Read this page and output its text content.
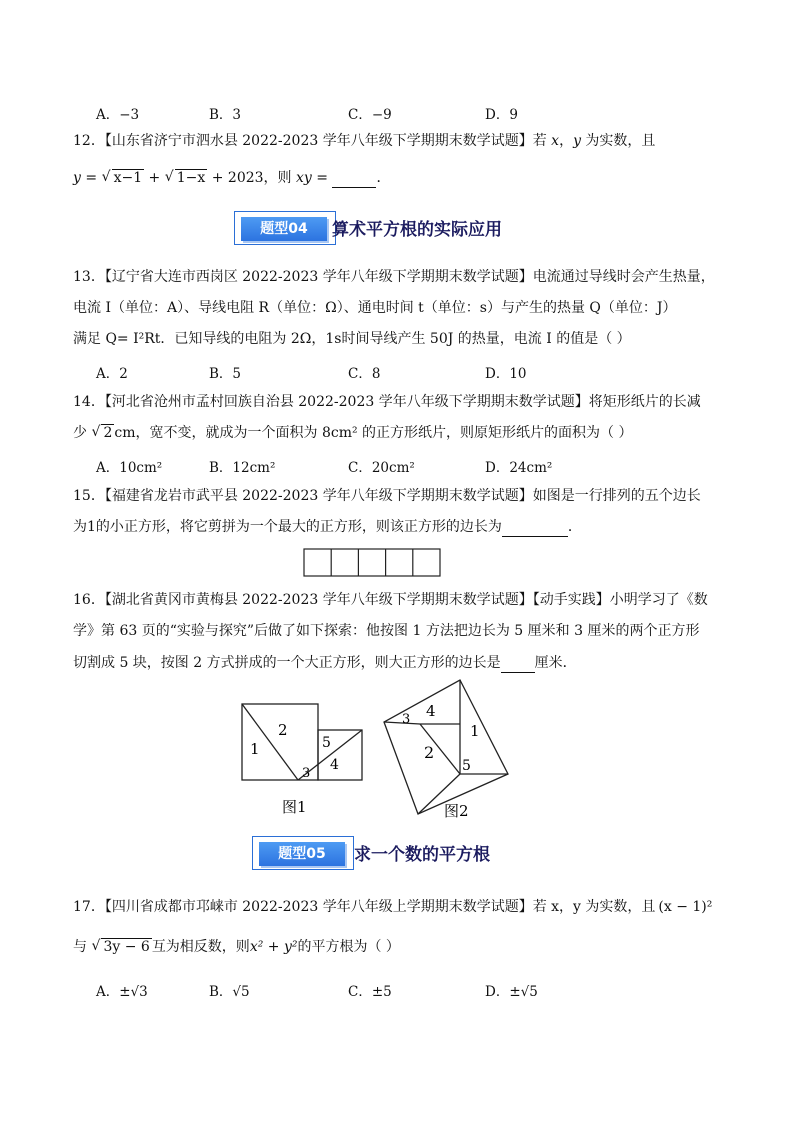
A．−3	B．3	C．−9	D．9
12．【山东省济宁市泗水县 2022-2023 学年八年级下学期期末数学试题】若 x，y 为实数，且
y = √ x−1 + √ 1−x + 2023，则 xy =	．
题型04	算术平方根的实际应用
13．【辽宁省大连市西岗区 2022-2023 学年八年级下学期期末数学试题】电流通过导线时会产生热量，
电流 I（单位：A）、导线电阻 R（单位：Ω）、通电时间 t（单位：s）与产生的热量 Q（单位：J）
满足 Q= I²Rt．已知导线的电阻为 2Ω，1s时间导线产生 50J 的热量，电流 I 的值是（ ）
A．2	B．5	C．8	D．10
14．【河北省沧州市孟村回族自治县 2022-2023 学年八年级下学期期末数学试题】将矩形纸片的长减
少 √ 2 cm，宽不变，就成为一个面积为 8cm² 的正方形纸片，则原矩形纸片的面积为（ ）
A．10cm²	B．12cm²	C．20cm²	D．24cm²
15．【福建省龙岩市武平县 2022-2023 学年八年级下学期期末数学试题】如图是一行排列的五个边长
为1的小正方形，将它剪拼为一个最大的正方形，则该正方形的边长为	．
16．【湖北省黄冈市黄梅县 2022-2023 学年八年级下学期期末数学试题】【动手实践】小明学习了《数
学》第 63 页的“实验与探究”后做了如下探索：他按图 1 方法把边长为 5 厘米和 3 厘米的两个正方形
切割成 5 块，按图 2 方式拼成的一个大正方形，则大正方形的边长是 厘米．
1
2
3
4
5
图1
3 4
2
1
5
图2
题型05	求一个数的平方根
17．【四川省成都市邛崃市 2022-2023 学年八年级上学期期末数学试题】若 x，y 为实数，且 (x − 1)²
与 √ 3y − 6 互为相反数，则x² + y²的平方根为（ ）
A．±√3	B．√5	C．±5	D．±√5
